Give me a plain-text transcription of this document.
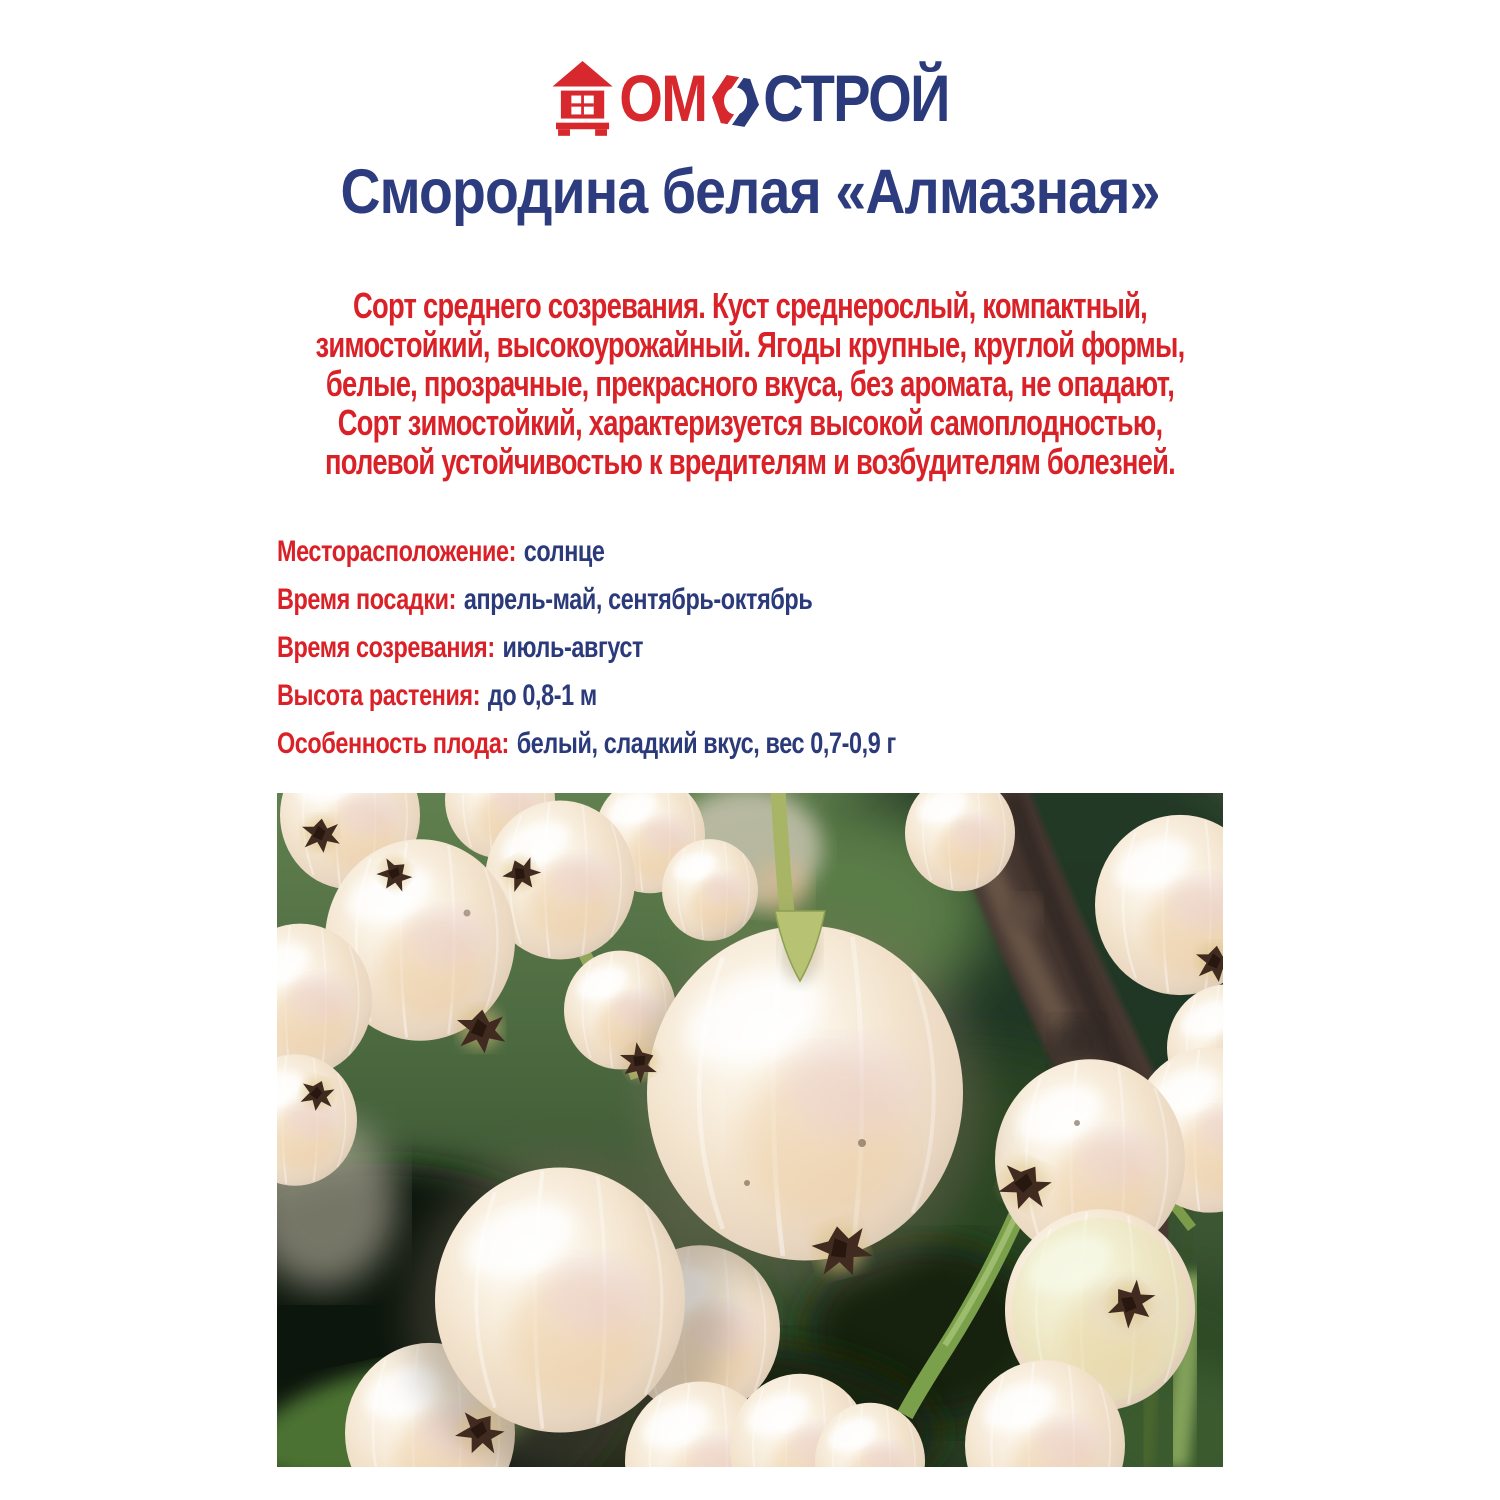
ОМ СТРОЙ
Смородина белая «Алмазная»
Сорт среднего созревания. Куст среднерослый, компактный,
зимостойкий, высокоурожайный. Ягоды крупные, круглой формы,
белые, прозрачные, прекрасного вкуса, без аромата, не опадают,
Сорт зимостойкий, характеризуется высокой самоплодностью,
полевой устойчивостью к вредителям и возбудителям болезней.
Месторасположение: солнце
Время посадки: апрель-май, сентябрь-октябрь
Время созревания: июль-август
Высота растения: до 0,8-1 м
Особенность плода: белый, сладкий вкус, вес 0,7-0,9 г
